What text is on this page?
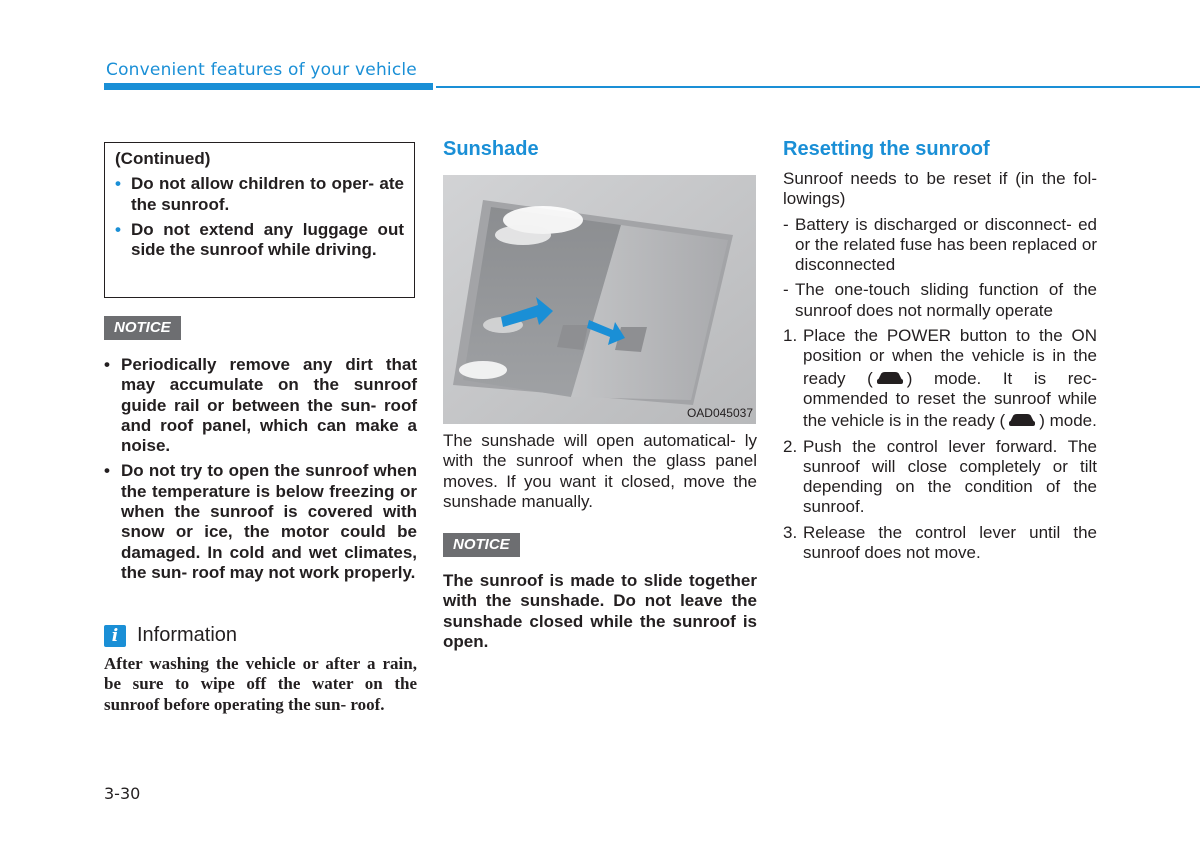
Convenient features of your vehicle

(Continued)

• Do not allow children to oper- ate the sunroof.
• Do not extend any luggage out side the sunroof while driving.
NOTICE
• Periodically remove any dirt that may accumulate on the sunroof guide rail or between the sun- roof and roof panel, which can make a noise.
• Do not try to open the sunroof when the temperature is below freezing or when the sunroof is covered with snow or ice, the motor could be damaged. In cold and wet climates, the sun- roof may not work properly.
i Information

After washing the vehicle or after a rain, be sure to wipe off the water on the sunroof before operating the sun- roof.

Sunshade

OAD045037

The sunshade will open automatical- ly with the sunroof when the glass panel moves. If you want it closed, move the sunshade manually.

NOTICE

The sunroof is made to slide together with the sunshade. Do not leave the sunshade closed while the sunroof is open.

Resetting the sunroof

Sunroof needs to be reset if (in the fol- lowings)

- Battery is discharged or disconnect- ed or the related fuse has been replaced or disconnected
- The one-touch sliding function of the sunroof does not normally operate
1. Place the POWER button to the ON position or when the vehicle is in the ready ( ) mode. It is rec- ommended to reset the sunroof while the vehicle is in the ready ( ) mode.
2. Push the control lever forward. The sunroof will close completely or tilt depending on the condition of the sunroof.
3. Release the control lever until the sunroof does not move.
3-30
